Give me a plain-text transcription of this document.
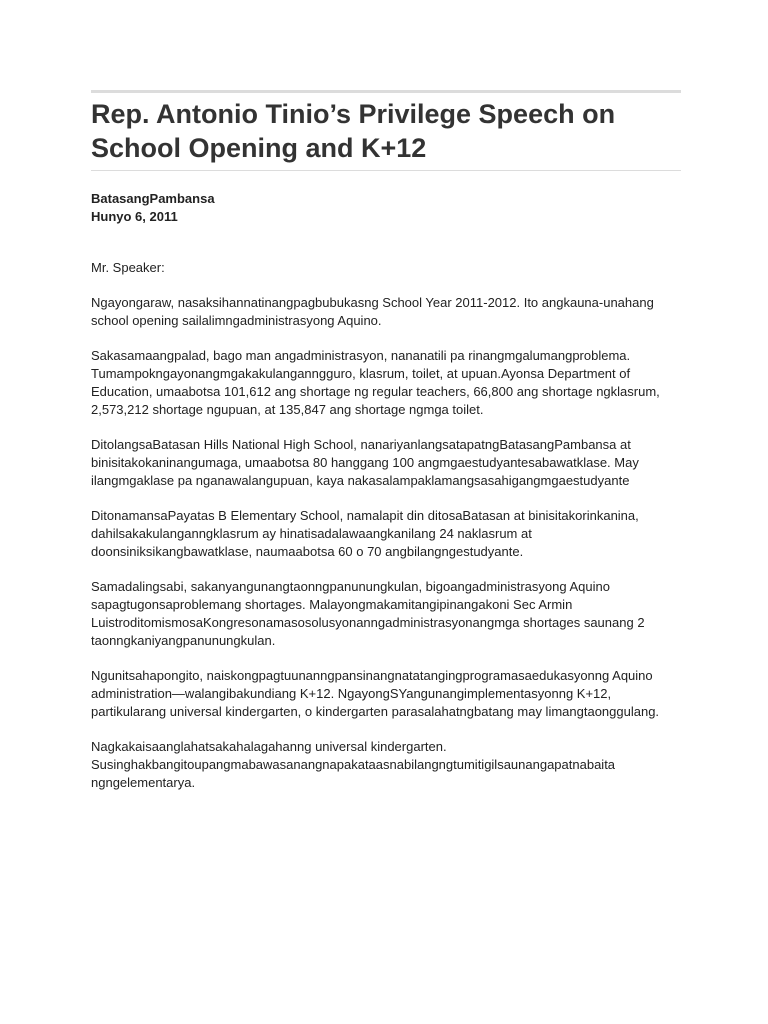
Rep. Antonio Tinio’s Privilege Speech on School Opening and K+12
BatasangPambansa
Hunyo 6, 2011

Mr. Speaker:

Ngayongaraw, nasaksihannatinangpagbubukasng School Year 2011-2012. Ito angkauna-unahang school opening sailalimngadministrasyong Aquino.

Sakasamaangpalad, bago man angadministrasyon, nananatili pa rinangmgalumangproblema. Tumampokngayonangmgakakulanganngguro, klasrum, toilet, at upuan.Ayonsa Department of Education, umaabotsa 101,612 ang shortage ng regular teachers, 66,800 ang shortage ngklasrum, 2,573,212 shortage ngupuan, at 135,847 ang shortage ngmga toilet.

DitolangsaBatasan Hills National High School, nanariyanlangsatapatngBatasangPambansa at binisitakokaninangumaga, umaabotsa 80 hanggang 100 angmgaestudyantesabawatklase. May ilangmgaklase pa nganawalangupuan, kaya nakasalampaklamangsasahigangmgaestudyante

DitonamansaPayatas B Elementary School, namalapit din ditosaBatasan at binisitakorinkanina, dahilsakakulanganngklasrum ay hinatisadalawaangkanilang 24 naklasrum at doonsiniksikangbawatklase, naumaabotsa 60 o 70 angbilangngestudyante.

Samadalingsabi, sakanyangunangtaonngpanunungkulan, bigoangadministrasyong Aquino sapagtugonsaproblemang shortages. Malayongmakamitangipinangakoni Sec Armin LuistroditomismosaKongresonamasosolusyonanngadministrasyonangmga shortages saunang 2 taonngkaniyangpanunungkulan.

Ngunitsahapongito, naiskongpagtuunanngpansinangnatatangingprogramasaedukasyonng Aquino administration—walangibakundiang K+12. NgayongSYangunangimplementasyonng K+12, partikularang universal kindergarten, o kindergarten parasalahatngbatang may limangtaonggulang.

Nagkakaisaanglahatsakahalagahanng universal kindergarten. Susinghakbangitoupangmabawasanangnapakataasnabilangngtumitigilsaunangapatnabaita ngngelementarya.
